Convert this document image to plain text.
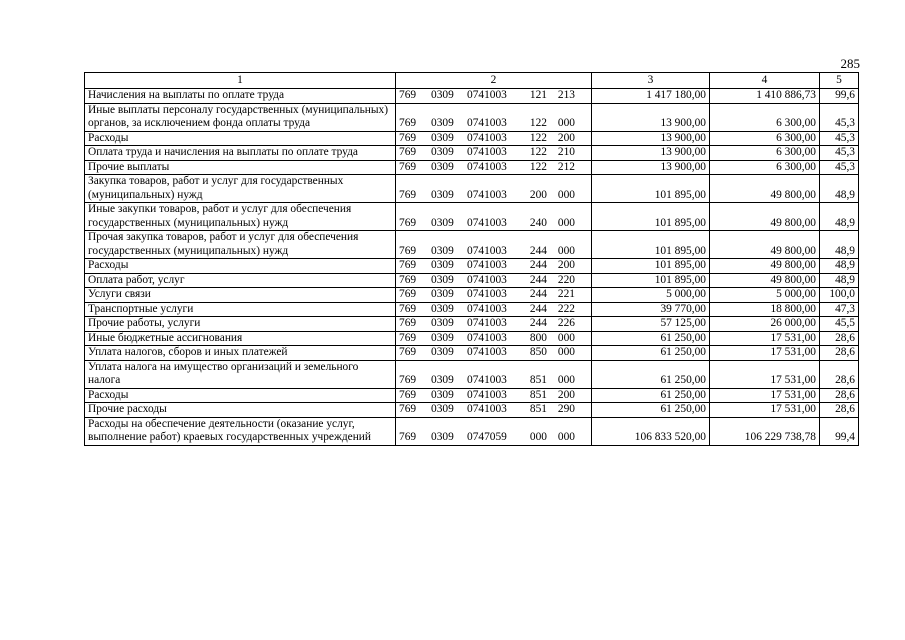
285
1	2	3	4	5
Начисления на выплаты по оплате труда	769 0309 0741003 121 213	1 417 180,00	1 410 886,73	99,6
Иные выплаты персоналу государственных (муниципальных) органов, за исключением фонда оплаты труда	769 0309 0741003 122 000	13 900,00	6 300,00	45,3
Расходы	769 0309 0741003 122 200	13 900,00	6 300,00	45,3
Оплата труда и начисления на выплаты по оплате труда	769 0309 0741003 122 210	13 900,00	6 300,00	45,3
Прочие выплаты	769 0309 0741003 122 212	13 900,00	6 300,00	45,3
Закупка товаров, работ и услуг для государственных (муниципальных) нужд	769 0309 0741003 200 000	101 895,00	49 800,00	48,9
Иные закупки товаров, работ и услуг для обеспечения государственных (муниципальных) нужд	769 0309 0741003 240 000	101 895,00	49 800,00	48,9
Прочая закупка товаров, работ и услуг для обеспечения государственных (муниципальных) нужд	769 0309 0741003 244 000	101 895,00	49 800,00	48,9
Расходы	769 0309 0741003 244 200	101 895,00	49 800,00	48,9
Оплата работ, услуг	769 0309 0741003 244 220	101 895,00	49 800,00	48,9
Услуги связи	769 0309 0741003 244 221	5 000,00	5 000,00	100,0
Транспортные услуги	769 0309 0741003 244 222	39 770,00	18 800,00	47,3
Прочие работы, услуги	769 0309 0741003 244 226	57 125,00	26 000,00	45,5
Иные бюджетные ассигнования	769 0309 0741003 800 000	61 250,00	17 531,00	28,6
Уплата налогов, сборов и иных платежей	769 0309 0741003 850 000	61 250,00	17 531,00	28,6
Уплата налога на имущество организаций и земельного налога	769 0309 0741003 851 000	61 250,00	17 531,00	28,6
Расходы	769 0309 0741003 851 200	61 250,00	17 531,00	28,6
Прочие расходы	769 0309 0741003 851 290	61 250,00	17 531,00	28,6
Расходы на обеспечение деятельности (оказание услуг, выполнение работ) краевых государственных учреждений	769 0309 0747059 000 000	106 833 520,00	106 229 738,78	99,4
